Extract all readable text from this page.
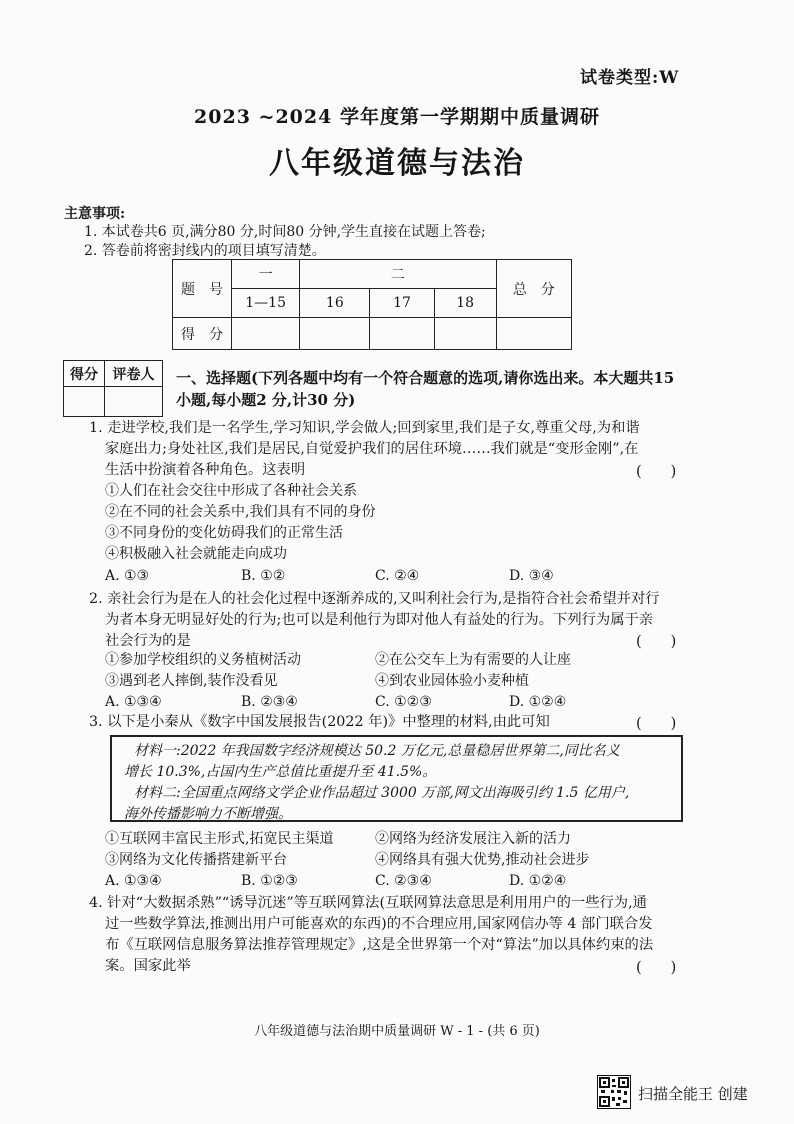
试卷类型:W
2023 ~2024 学年度第一学期期中质量调研
八年级道德与法治
主意事项:
1. 本试卷共6 页,满分80 分,时间80 分钟,学生直接在试题上答卷;
2. 答卷前将密封线内的项目填写清楚。
题　号	一	二			总　分
	1—15	16	17	18	
得　分					
得分	评卷人
	一、选择题(下列各题中均有一个符合题意的选项,请你选出来。本大题共15
小题,每小题2 分,计30 分)
1. 走进学校,我们是一名学生,学习知识,学会做人;回到家里,我们是子女,尊重父母,为和谐
家庭出力;身处社区,我们是居民,自觉爱护我们的居住环境……我们就是“变形金刚”,在
生活中扮演着各种角色。这表明	(　　)
①人们在社会交往中形成了各种社会关系
②在不同的社会关系中,我们具有不同的身份
③不同身份的变化妨碍我们的正常生活
④积极融入社会就能走向成功
A. ①③	B. ①②	C. ②④	D. ③④
2. 亲社会行为是在人的社会化过程中逐渐养成的,又叫利社会行为,是指符合社会希望并对行
为者本身无明显好处的行为;也可以是利他行为即对他人有益处的行为。下列行为属于亲
社会行为的是	(　　)
①参加学校组织的义务植树活动	②在公交车上为有需要的人让座
③遇到老人摔倒,装作没看见	④到农业园体验小麦种植
A. ①③④	B. ②③④	C. ①②③	D. ①②④
3. 以下是小秦从《数字中国发展报告(2022 年)》中整理的材料,由此可知	(　　)
材料一:2022 年我国数字经济规模达 50.2 万亿元,总量稳居世界第二,同比名义
增长 10.3%,占国内生产总值比重提升至 41.5%。
材料二:全国重点网络文学企业作品超过 3000 万部,网文出海吸引约 1.5 亿用户,
海外传播影响力不断增强。
①互联网丰富民主形式,拓宽民主渠道	②网络为经济发展注入新的活力
③网络为文化传播搭建新平台	④网络具有强大优势,推动社会进步
A. ①③④	B. ①②③	C. ②③④	D. ①②④
4. 针对“大数据杀熟”“诱导沉迷”等互联网算法(互联网算法意思是利用用户的一些行为,通
过一些数学算法,推测出用户可能喜欢的东西)的不合理应用,国家网信办等 4 部门联合发
布《互联网信息服务算法推荐管理规定》,这是全世界第一个对“算法”加以具体约束的法
案。国家此举	(　　)
八年级道德与法治期中质量调研 W - 1 - (共 6 页)
扫描全能王 创建
